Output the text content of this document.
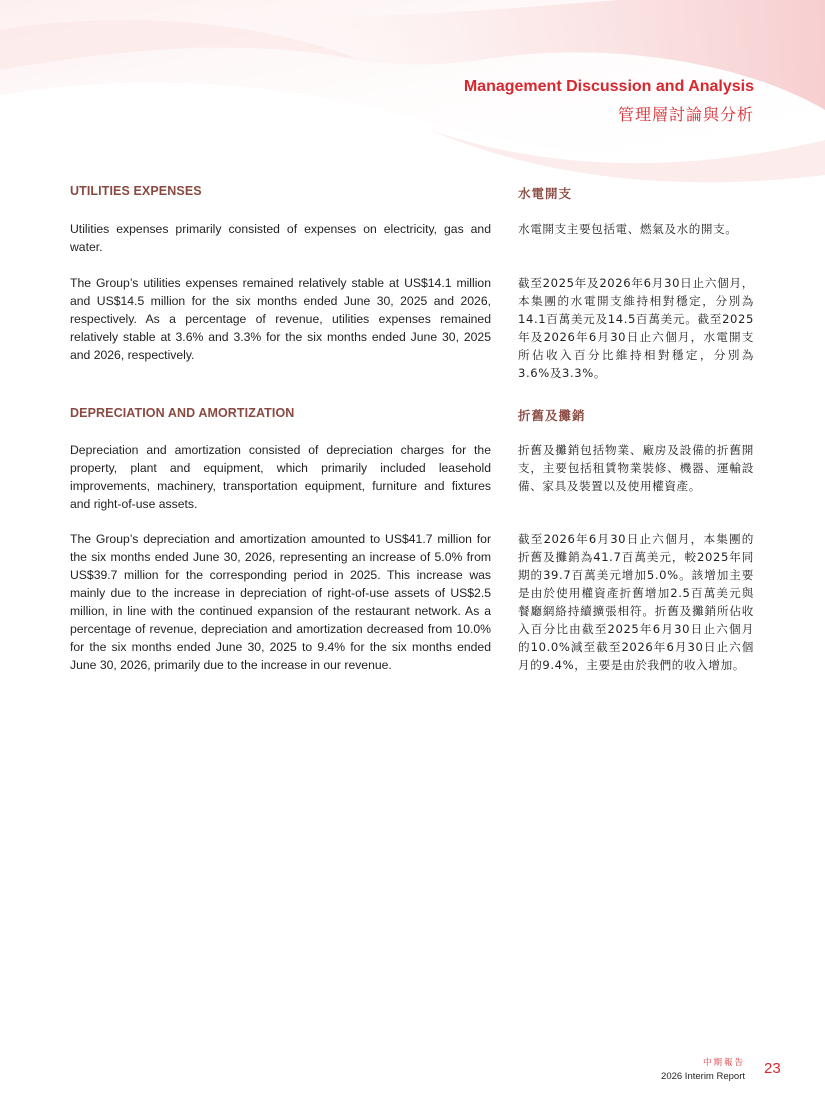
Management Discussion and Analysis
管理層討論與分析
UTILITIES EXPENSES	水電開支

Utilities expenses primarily consisted of expenses on electricity, gas and water.

水電開支主要包括電、燃氣及水的開支。

The Group’s utilities expenses remained relatively stable at US$14.1 million and US$14.5 million for the six months ended June 30, 2025 and 2026, respectively. As a percentage of revenue, utilities expenses remained relatively stable at 3.6% and 3.3% for the six months ended June 30, 2025 and 2026, respectively.

截至2025年及2026年6月30日止六個月，本集團的水電開支維持相對穩定，分別為14.1百萬美元及14.5百萬美元。截至2025年及2026年6月30日止六個月，水電開支所佔收入百分比維持相對穩定，分別為3.6%及3.3%。

DEPRECIATION AND AMORTIZATION	折舊及攤銷

Depreciation and amortization consisted of depreciation charges for the property, plant and equipment, which primarily included leasehold improvements, machinery, transportation equipment, furniture and fixtures and right-of-use assets.

折舊及攤銷包括物業、廠房及設備的折舊開支，主要包括租賃物業裝修、機器、運輸設備、家具及裝置以及使用權資產。

The Group’s depreciation and amortization amounted to US$41.7 million for the six months ended June 30, 2026, representing an increase of 5.0% from US$39.7 million for the corresponding period in 2025. This increase was mainly due to the increase in depreciation of right-of-use assets of US$2.5 million, in line with the continued expansion of the restaurant network. As a percentage of revenue, depreciation and amortization decreased from 10.0% for the six months ended June 30, 2025 to 9.4% for the six months ended June 30, 2026, primarily due to the increase in our revenue.

截至2026年6月30日止六個月，本集團的折舊及攤銷為41.7百萬美元，較2025年同期的39.7百萬美元增加5.0%。該增加主要是由於使用權資產折舊增加2.5百萬美元與餐廳網絡持續擴張相符。折舊及攤銷所佔收入百分比由截至2025年6月30日止六個月的10.0%減至截至2026年6月30日止六個月的9.4%，主要是由於我們的收入增加。

中期報告
2026 Interim Report 23
